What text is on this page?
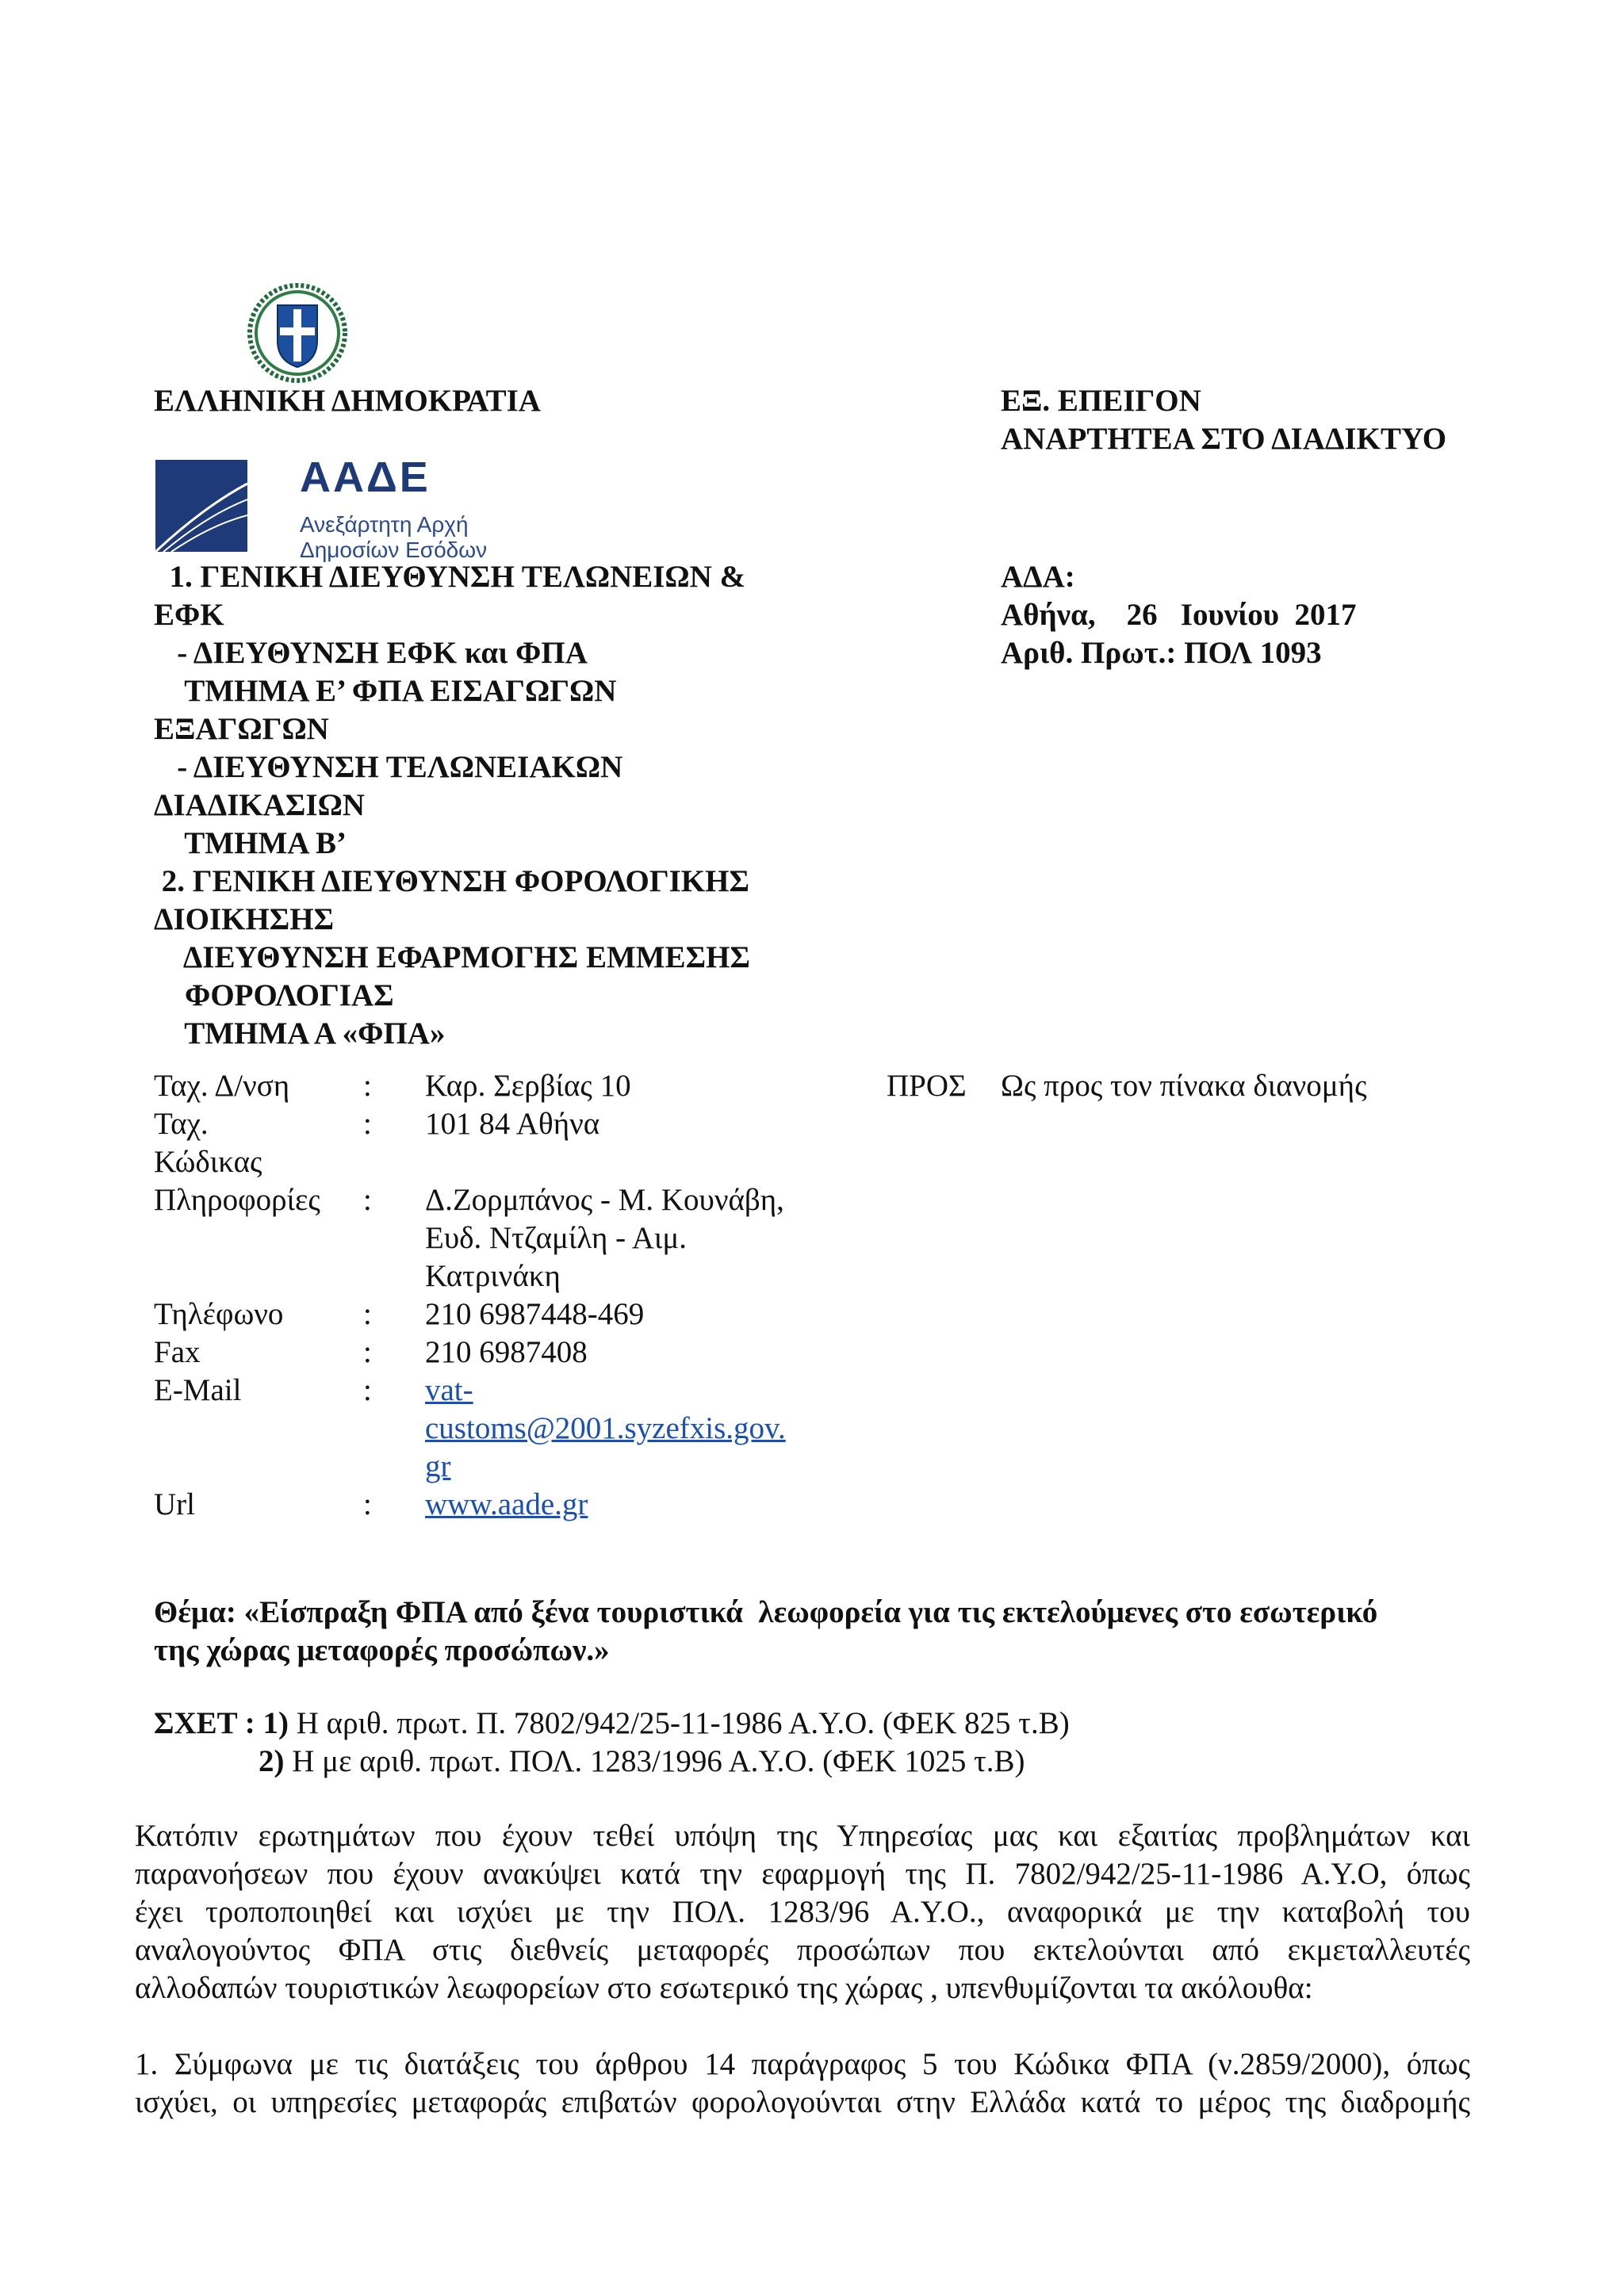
ΕΛΛΗΝΙΚΗ ΔΗΜΟΚΡΑΤΙΑ
ΑΑΔΕ
Ανεξάρτητη Αρχή
Δημοσίων Εσόδων
1. ΓΕΝΙΚΗ ΔΙΕΥΘΥΝΣΗ ΤΕΛΩΝΕΙΩΝ &
ΕΦΚ
- ΔΙΕΥΘΥΝΣΗ ΕΦΚ και ΦΠΑ
ΤΜΗΜΑ Ε’ ΦΠΑ ΕΙΣΑΓΩΓΩΝ
ΕΞΑΓΩΓΩΝ
- ΔΙΕΥΘΥΝΣΗ ΤΕΛΩΝΕΙΑΚΩΝ
ΔΙΑΔΙΚΑΣΙΩΝ
ΤΜΗΜΑ Β’
2. ΓΕΝΙΚΗ ΔΙΕΥΘΥΝΣΗ ΦΟΡΟΛΟΓΙΚΗΣ
ΔΙΟΙΚΗΣΗΣ
ΔΙΕΥΘΥΝΣΗ ΕΦΑΡΜΟΓΗΣ ΕΜΜΕΣΗΣ
ΦΟΡΟΛΟΓΙΑΣ
ΤΜΗΜΑ Α «ΦΠΑ»
ΕΞ. ΕΠΕΙΓΟΝ
ΑΝΑΡΤΗΤΕΑ ΣΤΟ ΔΙΑΔΙΚΤΥΟ
ΑΔΑ:
Αθήνα,    26   Ιουνίου  2017
Αριθ. Πρωτ.: ΠΟΛ 1093
Ταχ. Δ/νση	: Καρ. Σερβίας 10
Ταχ.
Κώδικας
: 101 84 Αθήνα
Πληροφορίες	: Δ.Ζορμπάνος - Μ. Κουνάβη,
Ευδ. Ντζαμίλη - Αιμ.
Κατρινάκη
Τηλέφωνο	: 210 6987448-469
Fax	: 210 6987408
E-Mail	: vat-
customs@2001.syzefxis.gov.
gr
Url	: www.aade.gr
ΠΡΟΣ Ως προς τον πίνακα διανομής
Θέμα: «Είσπραξη ΦΠΑ από ξένα τουριστικά  λεωφορεία για τις εκτελούμενες στο εσωτερικό
της χώρας μεταφορές προσώπων.»
ΣΧΕΤ : 1) Η αριθ. πρωτ. Π. 7802/942/25-11-1986 Α.Υ.Ο. (ΦΕΚ 825 τ.Β)
2) Η με αριθ. πρωτ. ΠΟΛ. 1283/1996 Α.Υ.Ο. (ΦΕΚ 1025 τ.Β)
Κατόπιν ερωτημάτων που έχουν τεθεί υπόψη της Υπηρεσίας μας και εξαιτίας προβλημάτων και
παρανοήσεων που έχουν ανακύψει κατά την εφαρμογή της Π. 7802/942/25-11-1986 Α.Υ.Ο, όπως
έχει τροποποιηθεί και ισχύει με την ΠΟΛ. 1283/96 Α.Υ.Ο., αναφορικά με την καταβολή του
αναλογούντος ΦΠΑ στις διεθνείς μεταφορές προσώπων που εκτελούνται από εκμεταλλευτές
αλλοδαπών τουριστικών λεωφορείων στο εσωτερικό της χώρας , υπενθυμίζονται τα ακόλουθα:
1. Σύμφωνα με τις διατάξεις του άρθρου 14 παράγραφος 5 του Κώδικα ΦΠΑ (ν.2859/2000), όπως
ισχύει, οι υπηρεσίες μεταφοράς επιβατών φορολογούνται στην Ελλάδα κατά το μέρος της διαδρομής
